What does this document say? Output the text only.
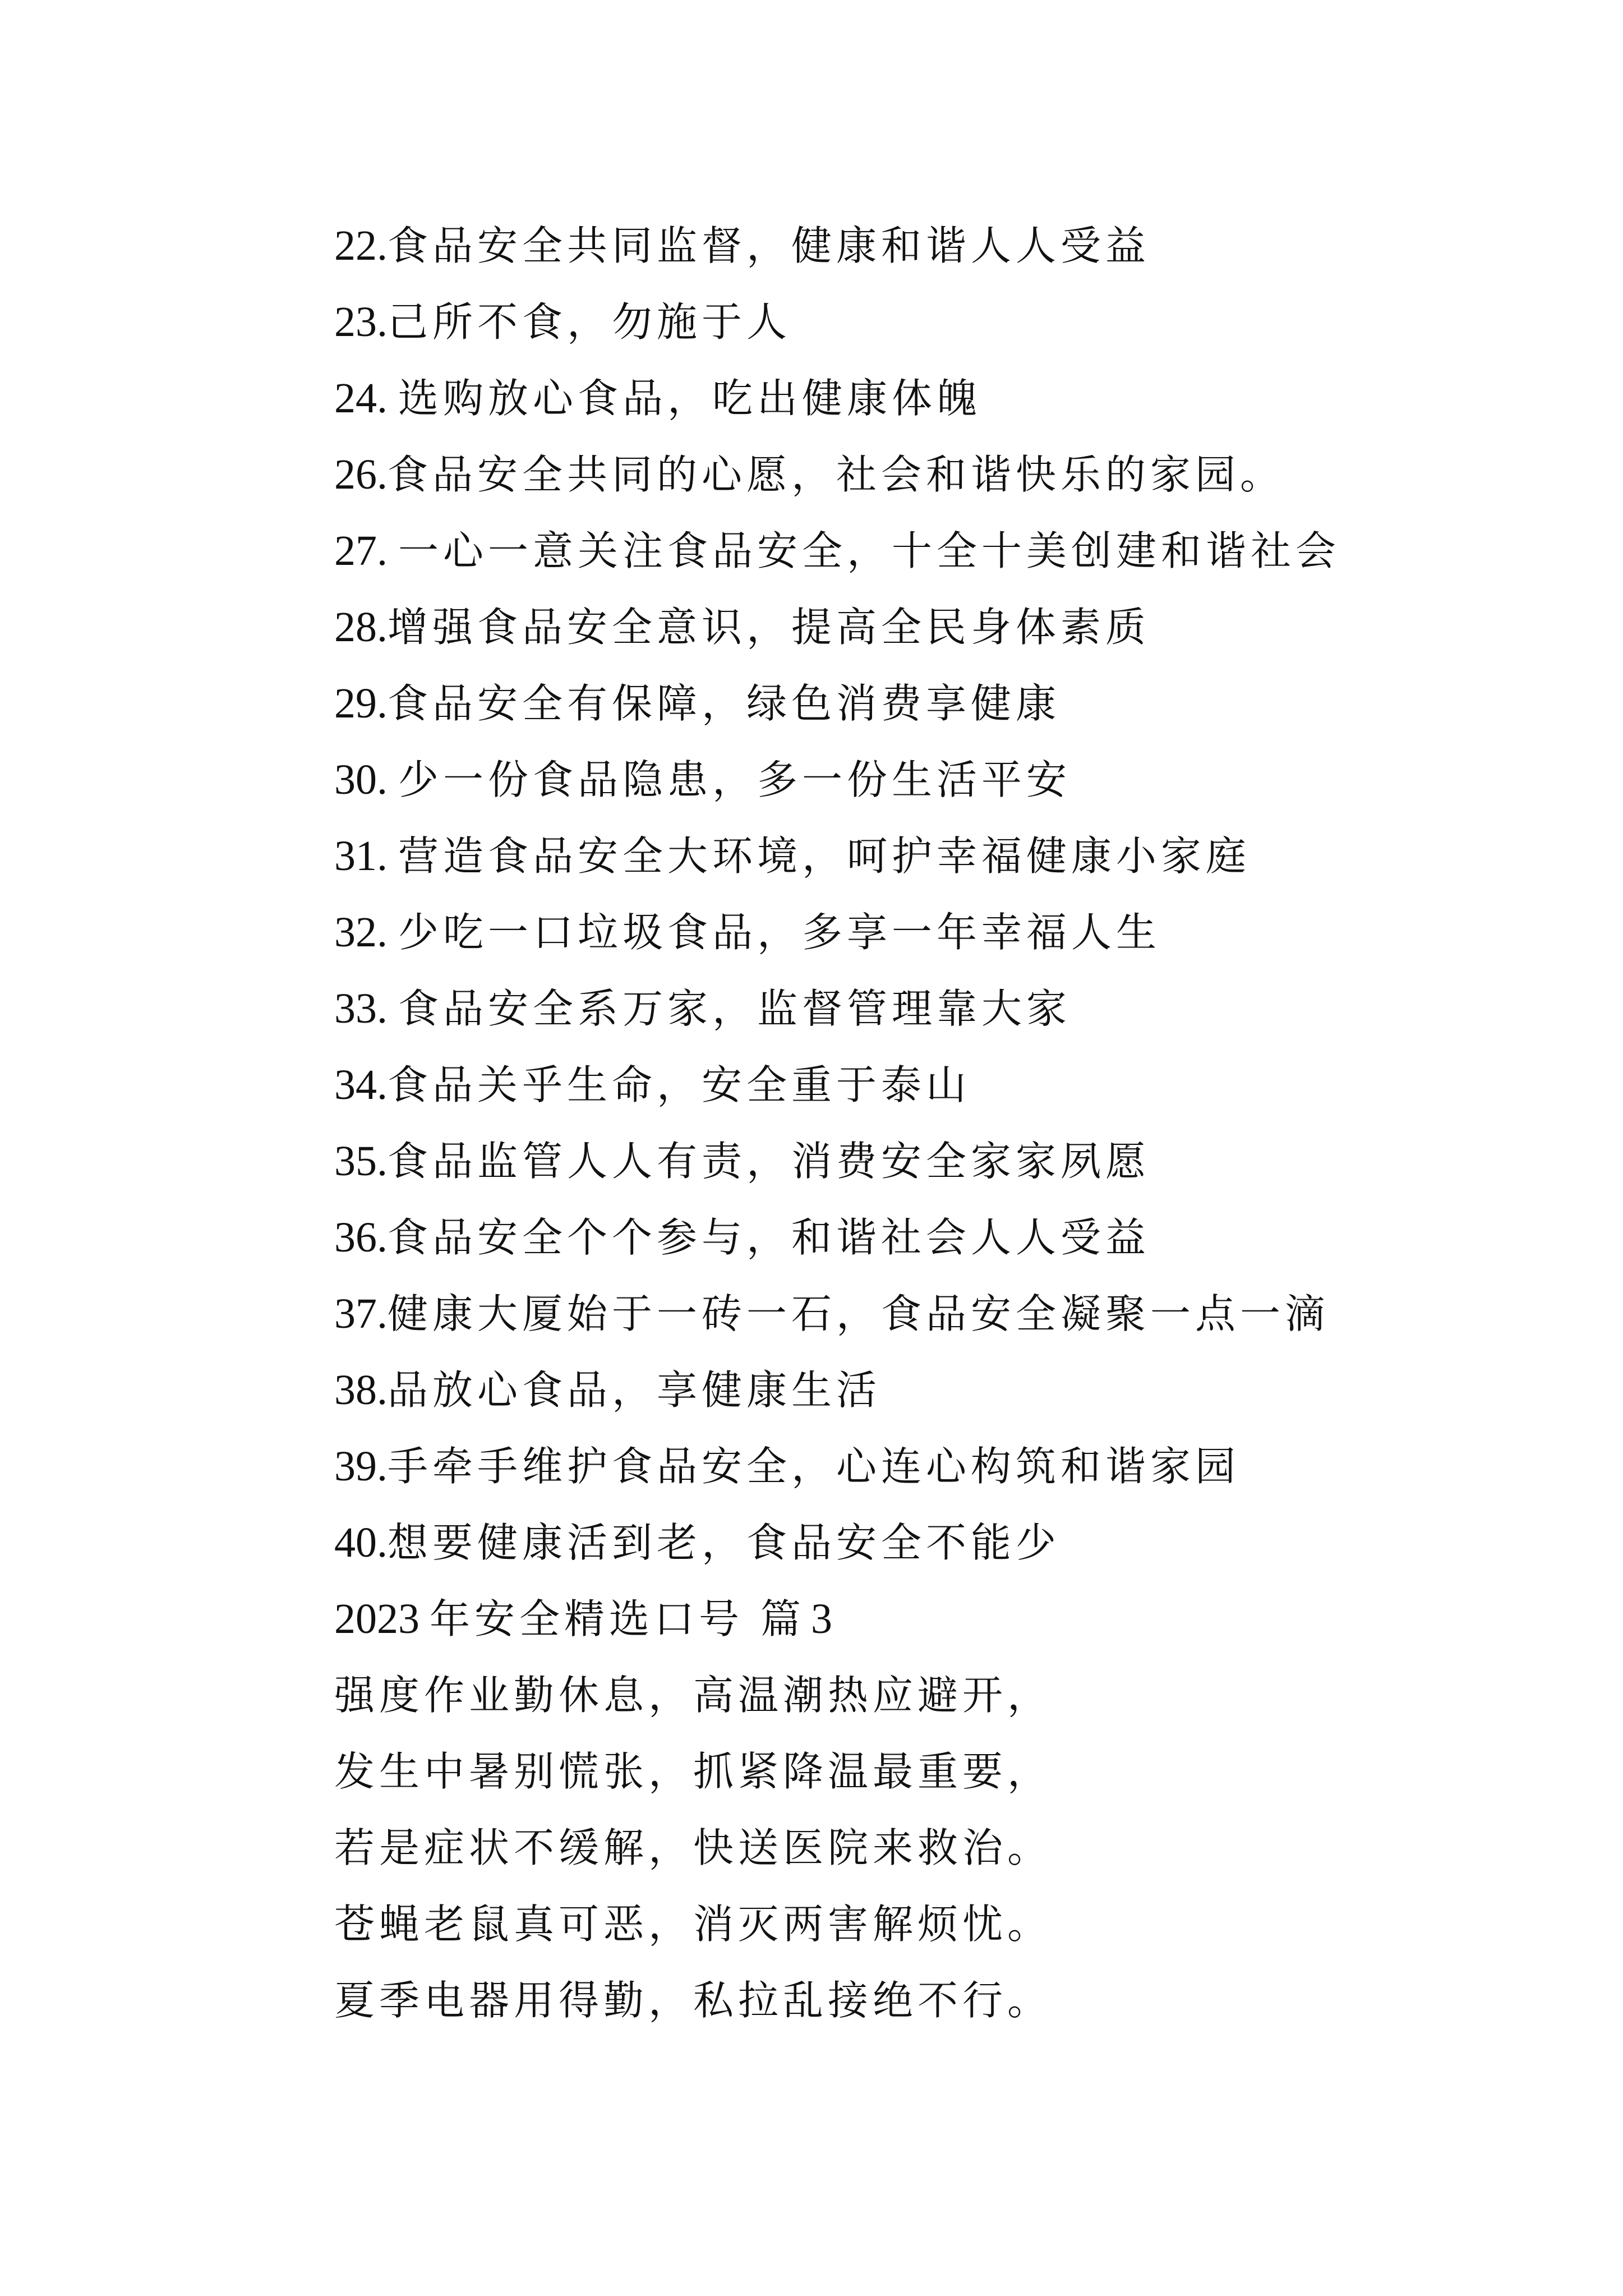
22.食品安全共同监督，健康和谐人人受益
23.己所不食，勿施于人
24. 选购放心食品，吃出健康体魄
26.食品安全共同的心愿，社会和谐快乐的家园。
27. 一心一意关注食品安全，十全十美创建和谐社会
28.增强食品安全意识，提高全民身体素质
29.食品安全有保障，绿色消费享健康
30. 少一份食品隐患，多一份生活平安
31. 营造食品安全大环境，呵护幸福健康小家庭
32. 少吃一口垃圾食品，多享一年幸福人生
33. 食品安全系万家，监督管理靠大家
34.食品关乎生命，安全重于泰山
35.食品监管人人有责，消费安全家家夙愿
36.食品安全个个参与，和谐社会人人受益
37.健康大厦始于一砖一石，食品安全凝聚一点一滴
38.品放心食品，享健康生活
39.手牵手维护食品安全，心连心构筑和谐家园
40.想要健康活到老，食品安全不能少
2023 年安全精选口号 篇 3
强度作业勤休息，高温潮热应避开，
发生中暑别慌张，抓紧降温最重要，
若是症状不缓解，快送医院来救治。
苍蝇老鼠真可恶，消灭两害解烦忧。
夏季电器用得勤，私拉乱接绝不行。
